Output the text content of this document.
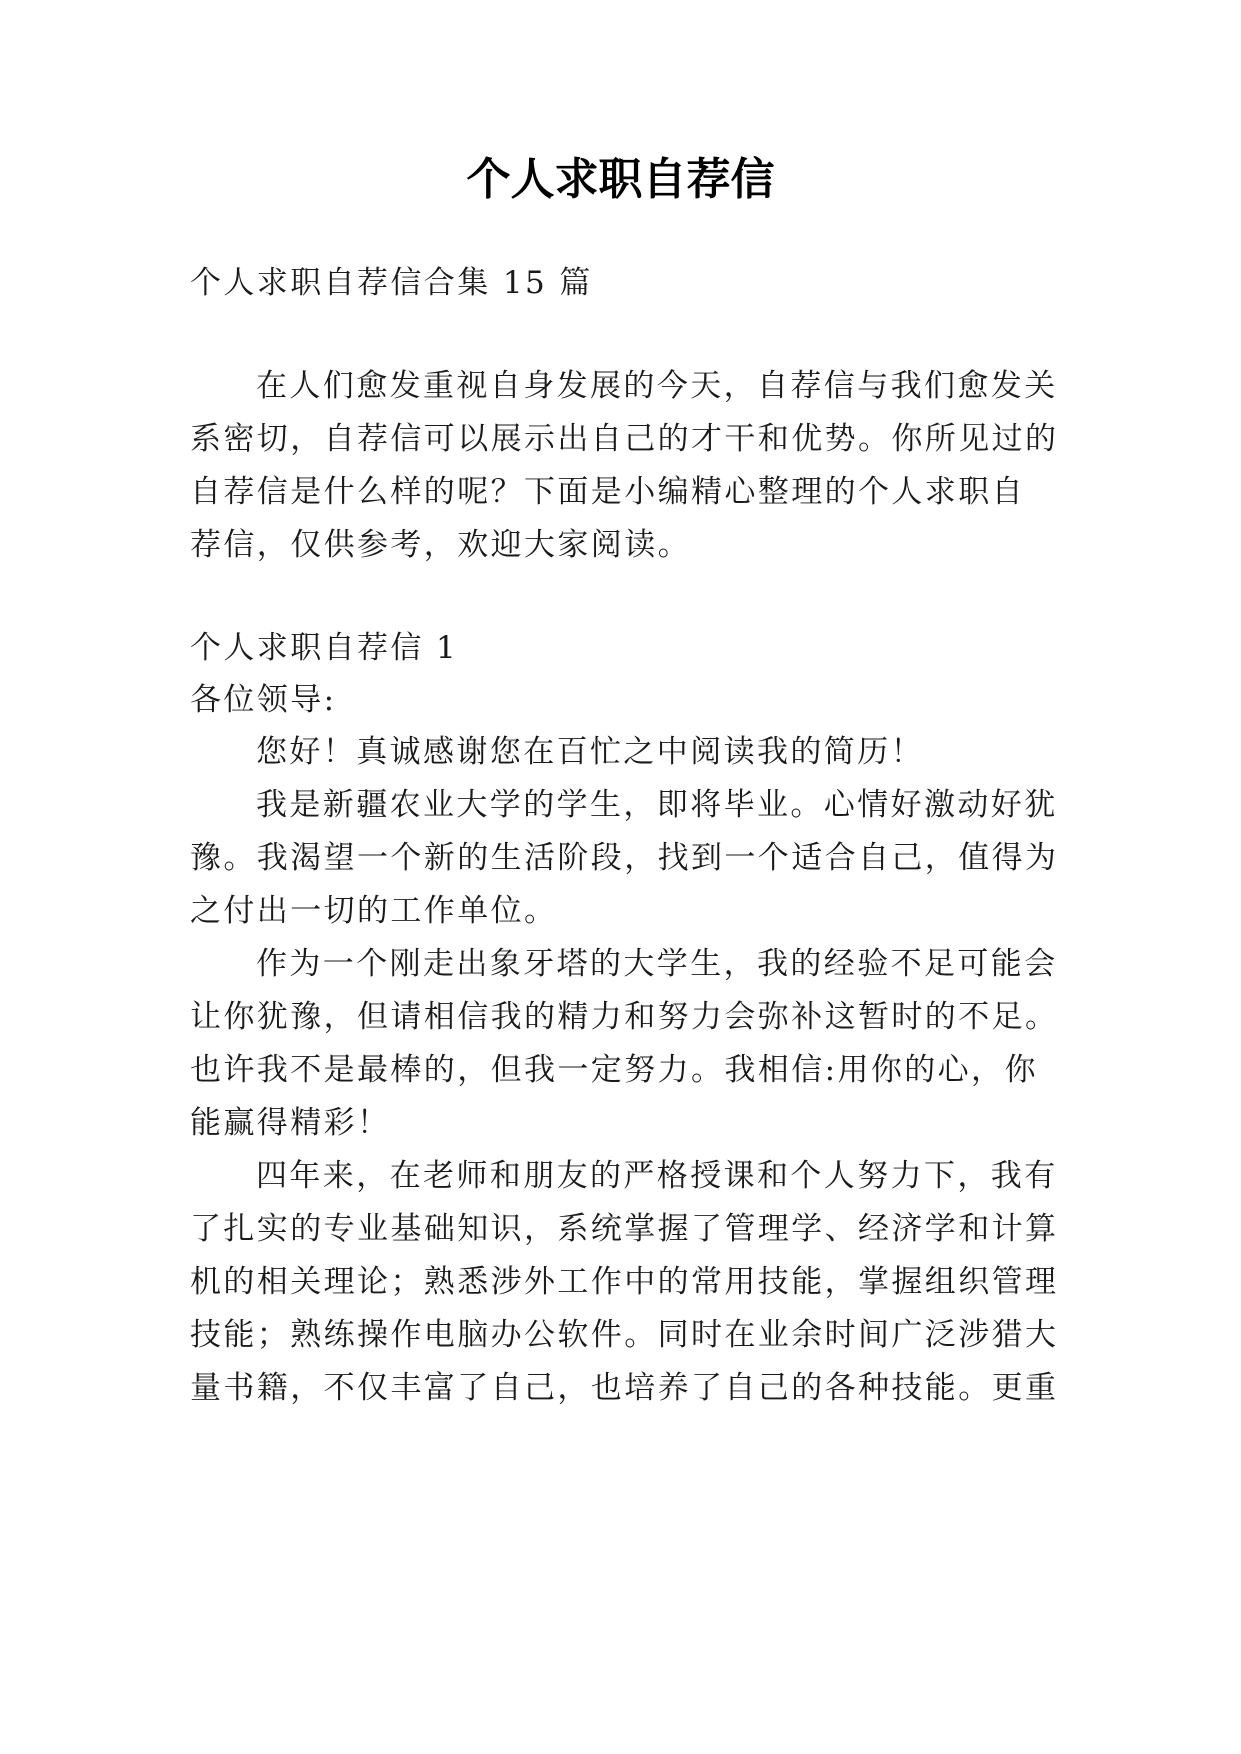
个人求职自荐信
个人求职自荐信合集 15 篇
在人们愈发重视自身发展的今天，自荐信与我们愈发关
系密切，自荐信可以展示出自己的才干和优势。你所见过的
自荐信是什么样的呢？下面是小编精心整理的个人求职自
荐信，仅供参考，欢迎大家阅读。
个人求职自荐信 1
各位领导:
您好！真诚感谢您在百忙之中阅读我的简历！
我是新疆农业大学的学生，即将毕业。心情好激动好犹
豫。我渴望一个新的生活阶段，找到一个适合自己，值得为
之付出一切的工作单位。
作为一个刚走出象牙塔的大学生，我的经验不足可能会
让你犹豫，但请相信我的精力和努力会弥补这暂时的不足。
也许我不是最棒的，但我一定努力。我相信:用你的心，你
能赢得精彩！
四年来，在老师和朋友的严格授课和个人努力下，我有
了扎实的专业基础知识，系统掌握了管理学、经济学和计算
机的相关理论；熟悉涉外工作中的常用技能，掌握组织管理
技能；熟练操作电脑办公软件。同时在业余时间广泛涉猎大
量书籍，不仅丰富了自己，也培养了自己的各种技能。更重
